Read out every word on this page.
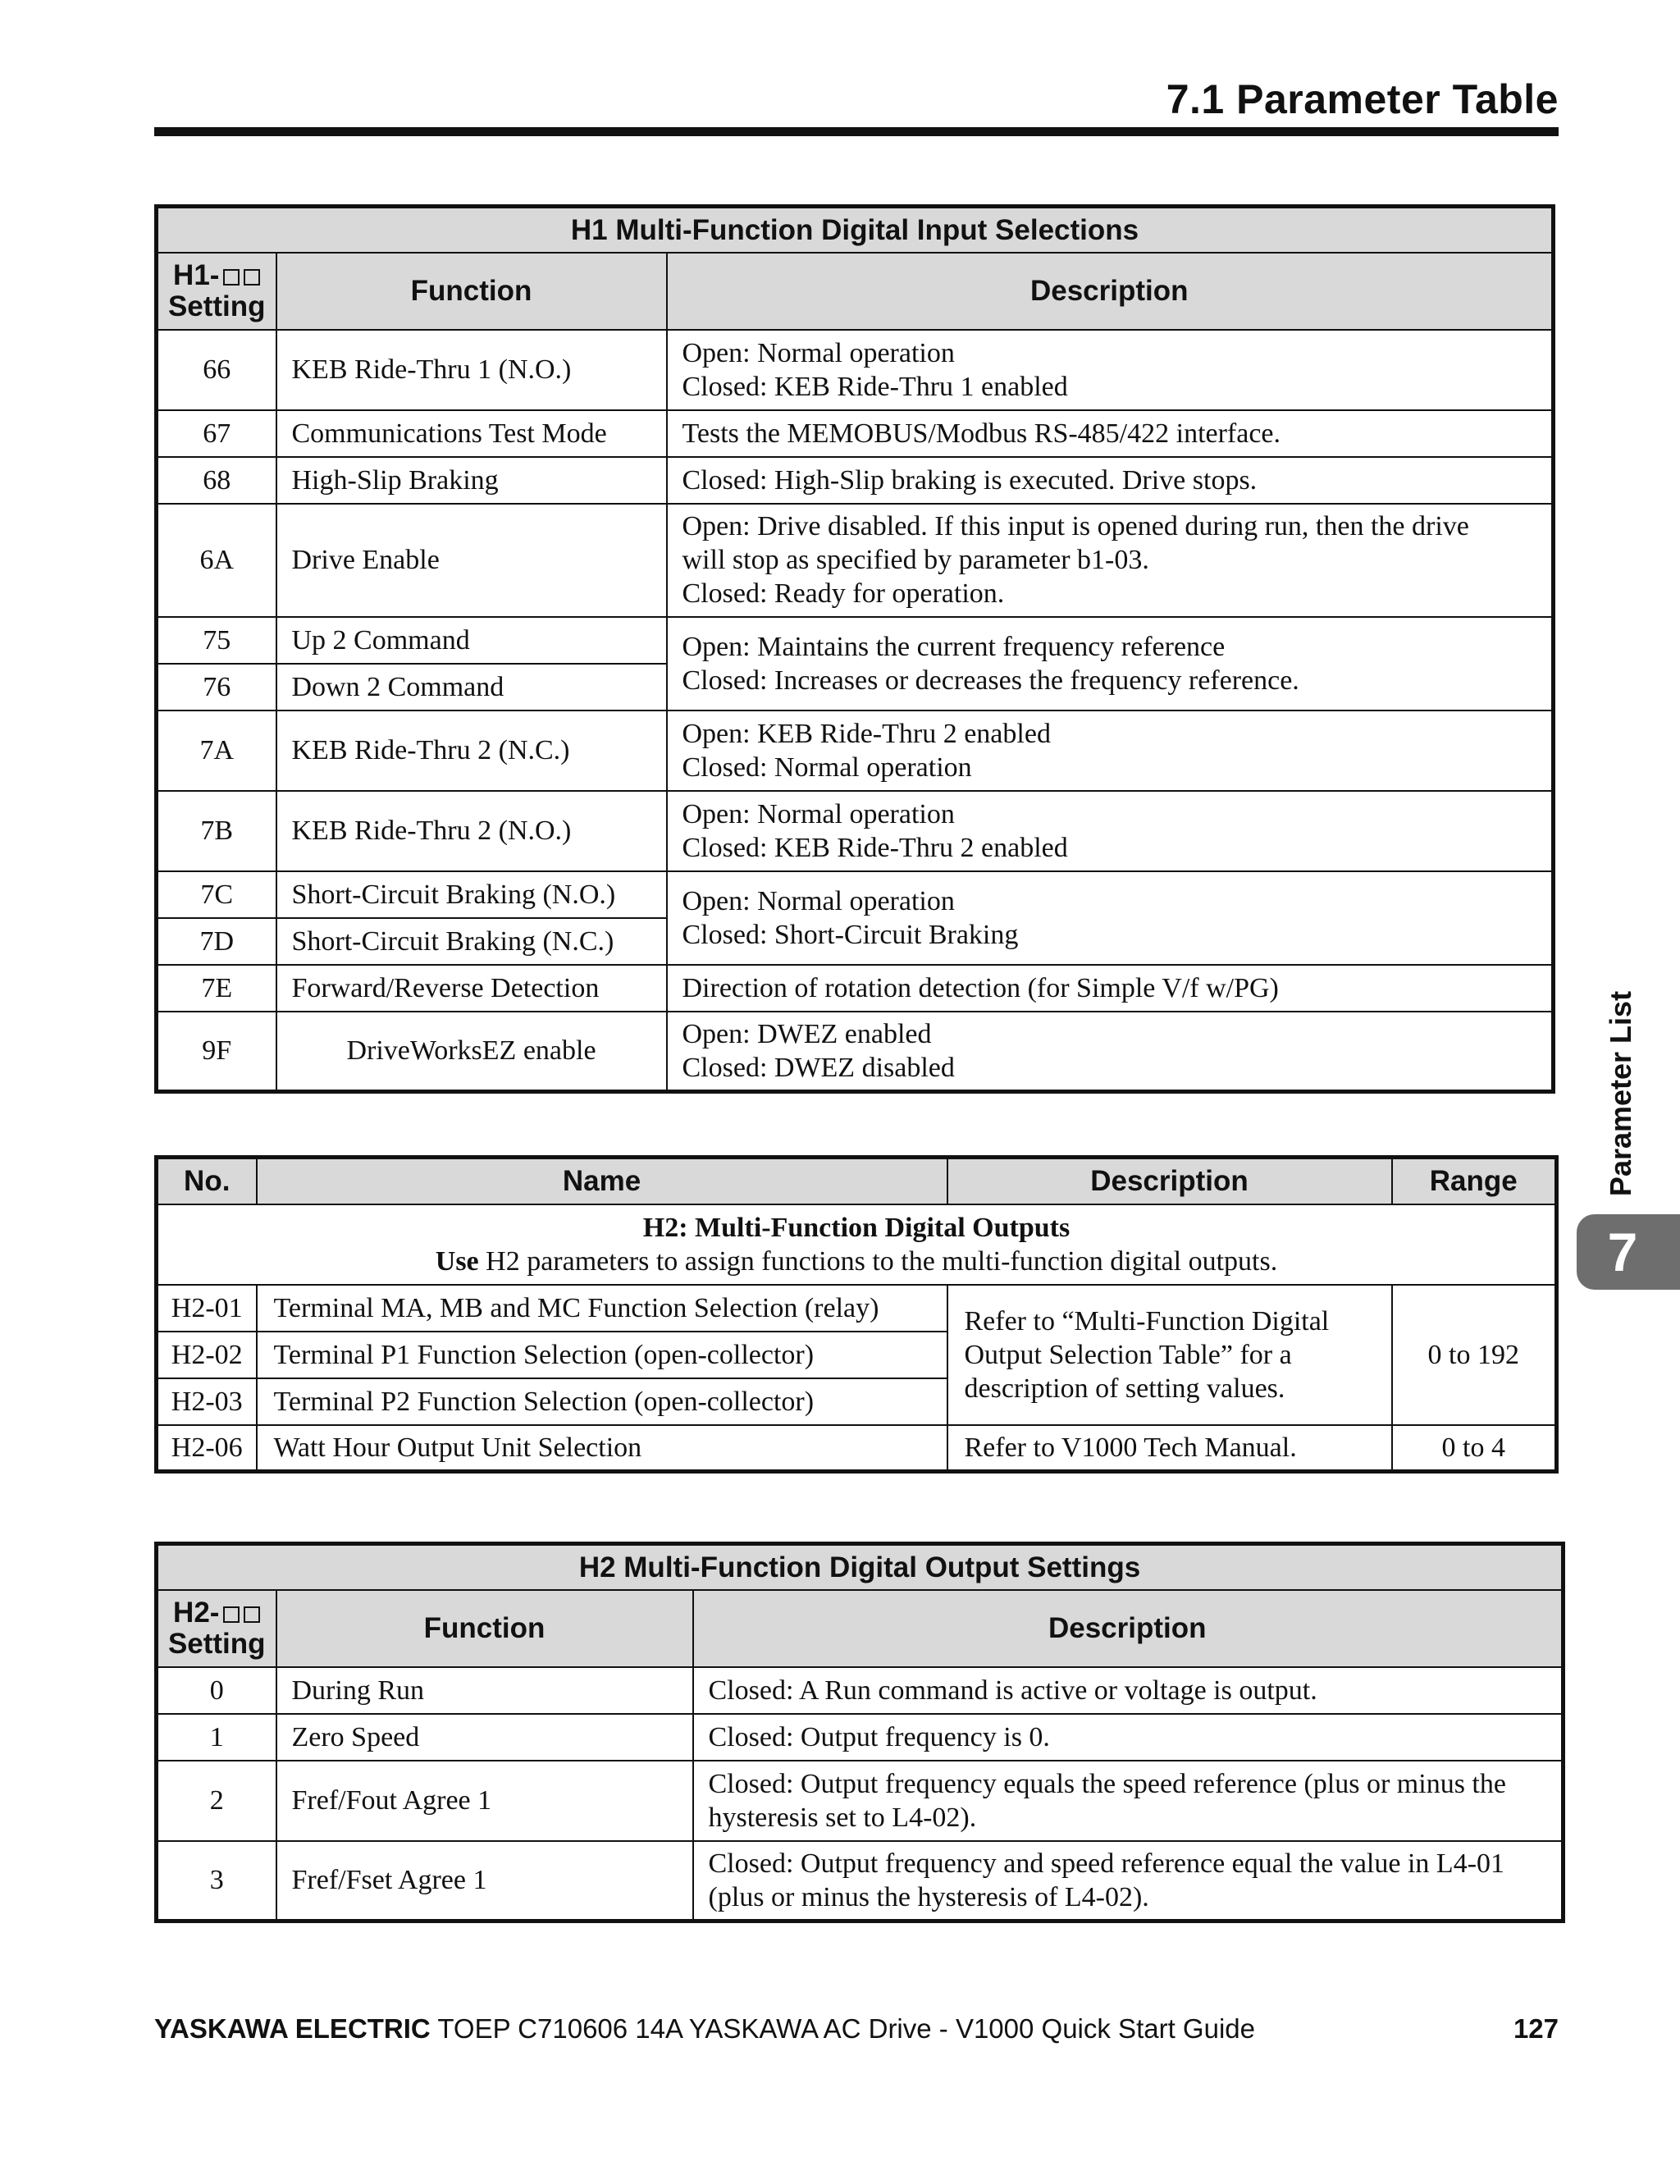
7.1 Parameter Table
H1 Multi-Function Digital Input Selections		
H1-
Setting	Function	Description
66	KEB Ride-Thru 1 (N.O.)	Open: Normal operation
Closed: KEB Ride-Thru 1 enabled
67	Communications Test Mode	Tests the MEMOBUS/Modbus RS-485/422 interface.
68	High-Slip Braking	Closed: High-Slip braking is executed. Drive stops.
6A	Drive Enable	Open: Drive disabled. If this input is opened during run, then the drive
will stop as specified by parameter b1-03.
Closed: Ready for operation.
75	Up 2 Command	Open: Maintains the current frequency reference
Closed: Increases or decreases the frequency reference.
76	Down 2 Command	
7A	KEB Ride-Thru 2 (N.C.)	Open: KEB Ride-Thru 2 enabled
Closed: Normal operation
7B	KEB Ride-Thru 2 (N.O.)	Open: Normal operation
Closed: KEB Ride-Thru 2 enabled
7C	Short-Circuit Braking (N.O.)	Open: Normal operation
Closed: Short-Circuit Braking
7D	Short-Circuit Braking (N.C.)	
7E	Forward/Reverse Detection	Direction of rotation detection (for Simple V/f w/PG)
9F	DriveWorksEZ enable	Open: DWEZ enabled
Closed: DWEZ disabled
No.	Name	Description	Range
H2: Multi-Function Digital Outputs
Use H2 parameters to assign functions to the multi-function digital outputs.			
H2-01	Terminal MA, MB and MC Function Selection (relay)	Refer to “Multi-Function Digital
Output Selection Table” for a
description of setting values.	0 to 192
H2-02	Terminal P1 Function Selection (open-collector)		
H2-03	Terminal P2 Function Selection (open-collector)		
H2-06	Watt Hour Output Unit Selection	Refer to V1000 Tech Manual.	0 to 4
H2 Multi-Function Digital Output Settings		
H2-
Setting	Function	Description
0	During Run	Closed: A Run command is active or voltage is output.
1	Zero Speed	Closed: Output frequency is 0.
2	Fref/Fout Agree 1	Closed: Output frequency equals the speed reference (plus or minus the
hysteresis set to L4-02).
3	Fref/Fset Agree 1	Closed: Output frequency and speed reference equal the value in L4-01
(plus or minus the hysteresis of L4-02).
Parameter List
7
YASKAWA ELECTRIC TOEP C710606 14A YASKAWA AC Drive - V1000 Quick Start Guide	127
